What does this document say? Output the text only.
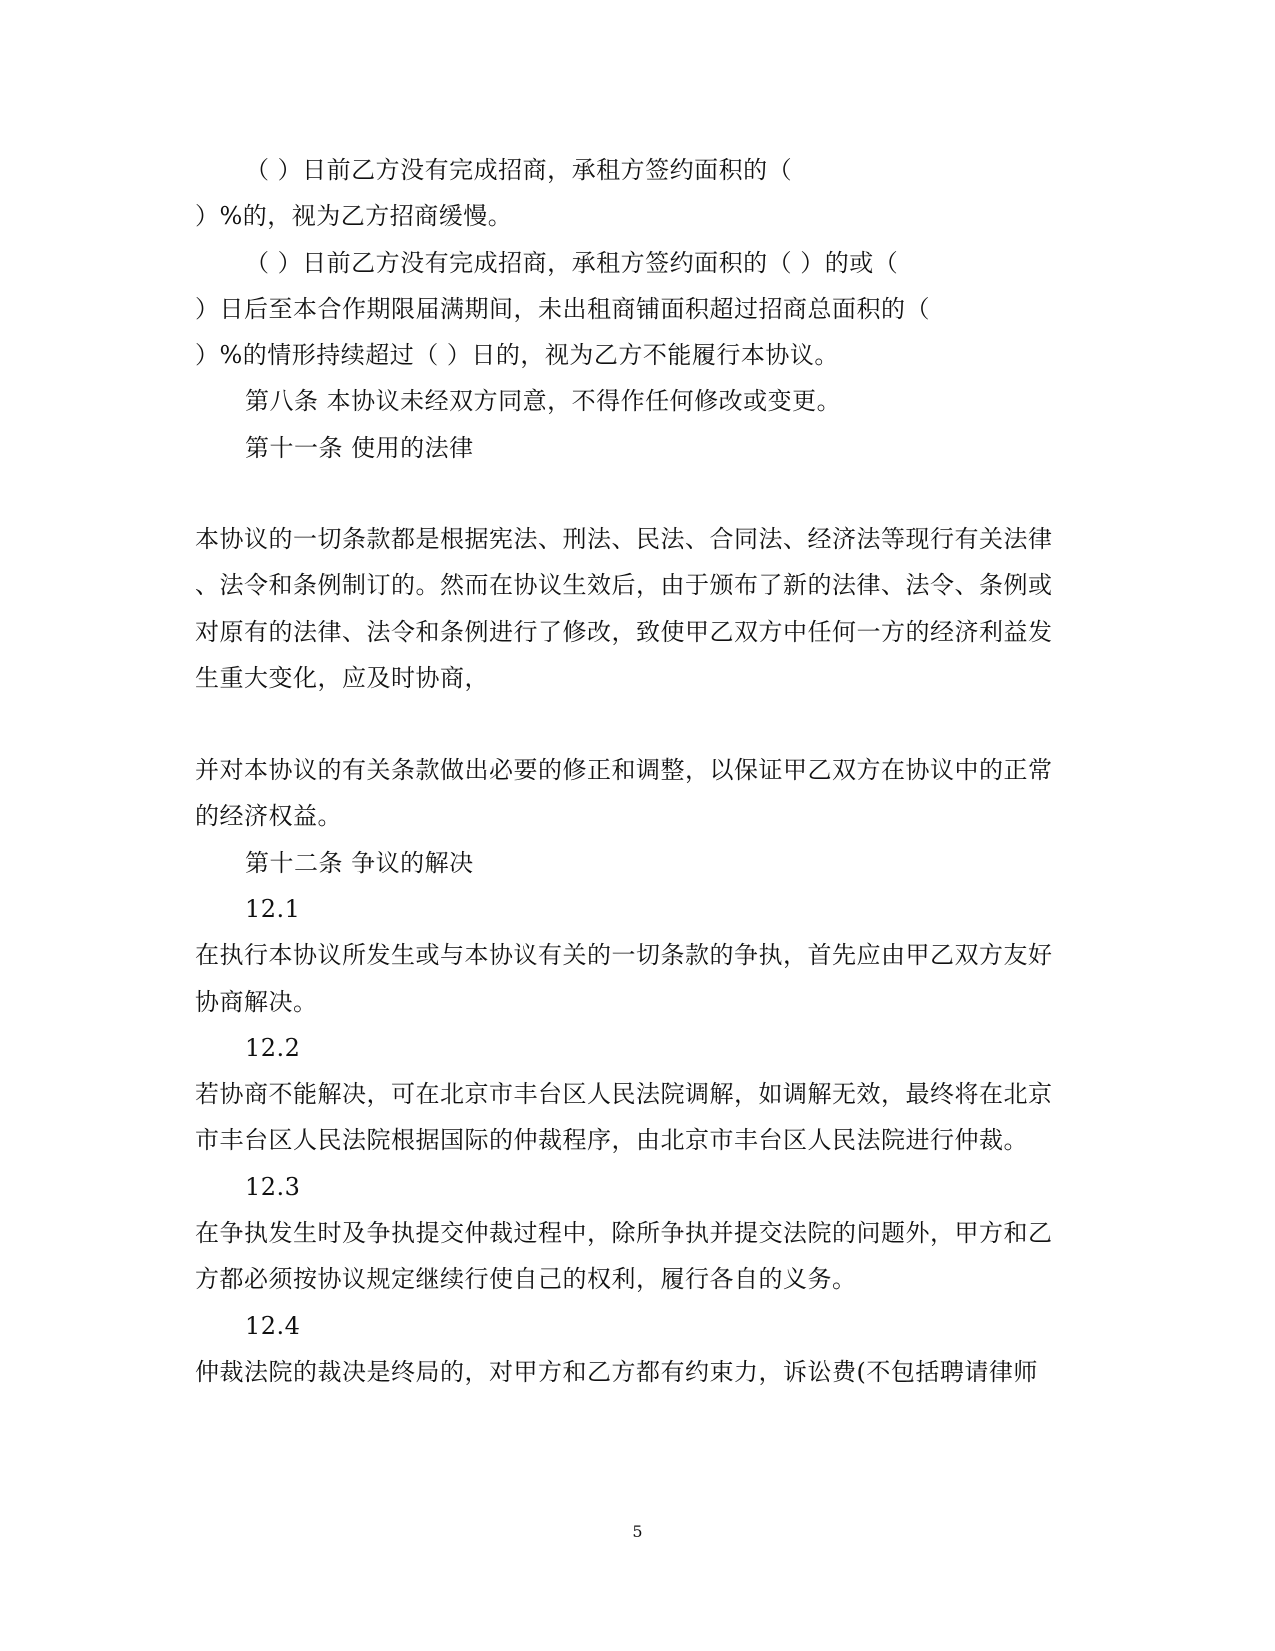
（ ）日前乙方没有完成招商，承租方签约面积的（
）%的，视为乙方招商缓慢。
（ ）日前乙方没有完成招商，承租方签约面积的（ ）的或（
）日后至本合作期限届满期间，未出租商铺面积超过招商总面积的（
）%的情形持续超过（ ）日的，视为乙方不能履行本协议。
第八条 本协议未经双方同意，不得作任何修改或变更。
第十一条 使用的法律
本协议的一切条款都是根据宪法、刑法、民法、合同法、经济法等现行有关法律
、法令和条例制订的。然而在协议生效后，由于颁布了新的法律、法令、条例或
对原有的法律、法令和条例进行了修改，致使甲乙双方中任何一方的经济利益发
生重大变化，应及时协商，
并对本协议的有关条款做出必要的修正和调整，以保证甲乙双方在协议中的正常
的经济权益。
第十二条 争议的解决
12.1
在执行本协议所发生或与本协议有关的一切条款的争执，首先应由甲乙双方友好
协商解决。
12.2
若协商不能解决，可在北京市丰台区人民法院调解，如调解无效，最终将在北京
市丰台区人民法院根据国际的仲裁程序，由北京市丰台区人民法院进行仲裁。
12.3
在争执发生时及争执提交仲裁过程中，除所争执并提交法院的问题外，甲方和乙
方都必须按协议规定继续行使自己的权利，履行各自的义务。
12.4
仲裁法院的裁决是终局的，对甲方和乙方都有约束力，诉讼费(不包括聘请律师
5
